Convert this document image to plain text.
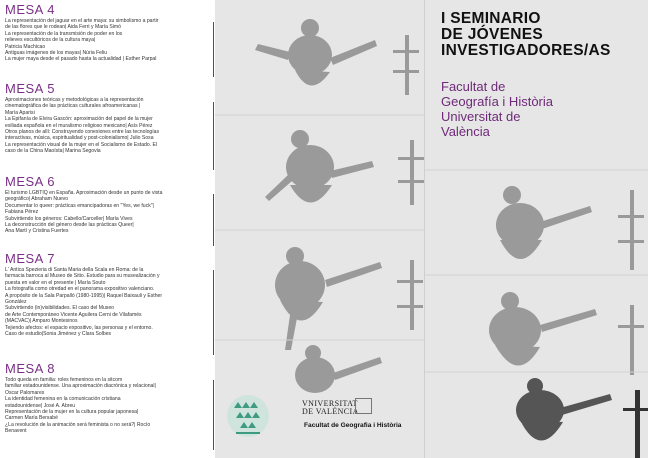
MESA 4
La representación del jaguar en el arte maya: su simbolismo a partir
de las flores que le rodean| Aida Ferri y María Simó
La representación de la transmisión de poder en los
relieves escultóricos de la cultura maya|
Patricia Machicao
Antiguas imágenes de los mayas| Núria Feliu
La mujer maya desde el pasado hasta la actualidad | Esther Parpal
MESA 5
Aproximaciones teóricas y metodológicas a la representación
cinematográfica de las prácticas culturales afroamericanas |
María Aparisi
La Epifanía de Elvira Gascón: aproximación del papel de la mujer
exiliada española en el muralismo religioso mexicano| Asís Pérez
Otros planos de allí: Construyendo conexiones entre las tecnologías
interactivas, música, espiritualidad y post-colonialismo| Julio Sosa
La representación visual de la mujer en el Socialismo de Estado. El
caso de la China Maoísta| Marina Segovia
MESA 6
El turismo LGBTIQ en España. Aproximación desde un punto de vista
geográfico| Abraham Nuevo
Documentar lo queer: prácticas emancipadoras en "Yes, we fuck"|
Fabiana Pérez
Subvirtiendo los géneros: Cabello/Carceller| María Vives
La deconstrucción del género desde las prácticas Queer|
Ana Martí y Cristina Fuertes
MESA 7
L' Antica Spezieria di Santa Maria della Scala en Roma: de la
farmacia barroca al Museo de Sitio. Estudio para su musealización y
puesta en valor en el presente | María Souto
La fotografía como otredad en el panorama expositivo valenciano.
A propósito de la Sala Parpalló (1980-1995)| Raquel Baixauli y Esther
González
Subvirtiendo (in)visibilidades. El caso del Museo
de Arte Contemporáneo Vicente Aguilera Cerni de Vilafamés
(MACVAC)| Amparo Montesinos
Tejiendo afectos: el espacio expositivo, las personas y el entorno.
Caso de estudio|Sonia Jiménez y Clara Solbes
MESA 8
Todo queda en familia: roles femeninos en la sitcom
familiar estadounidense. Una aproximación diacrónica y relacional|
Óscar Palomares
La identidad femenina en la comunicación cristiana
estadounidense| José A. Abreu
Representación de la mujer en la cultura popular japonesa|
Carmen María Bersabé
¿La revolución de la animación será feminista o no será?| Rocío
Benavent
I SEMINARIO
DE JÓVENES
INVESTIGADORES/AS
Facultat de
Geografía i Història
Universitat de
València
VNIVERSITAT
DE VALÈNCIA
Facultat de Geografia i Història
